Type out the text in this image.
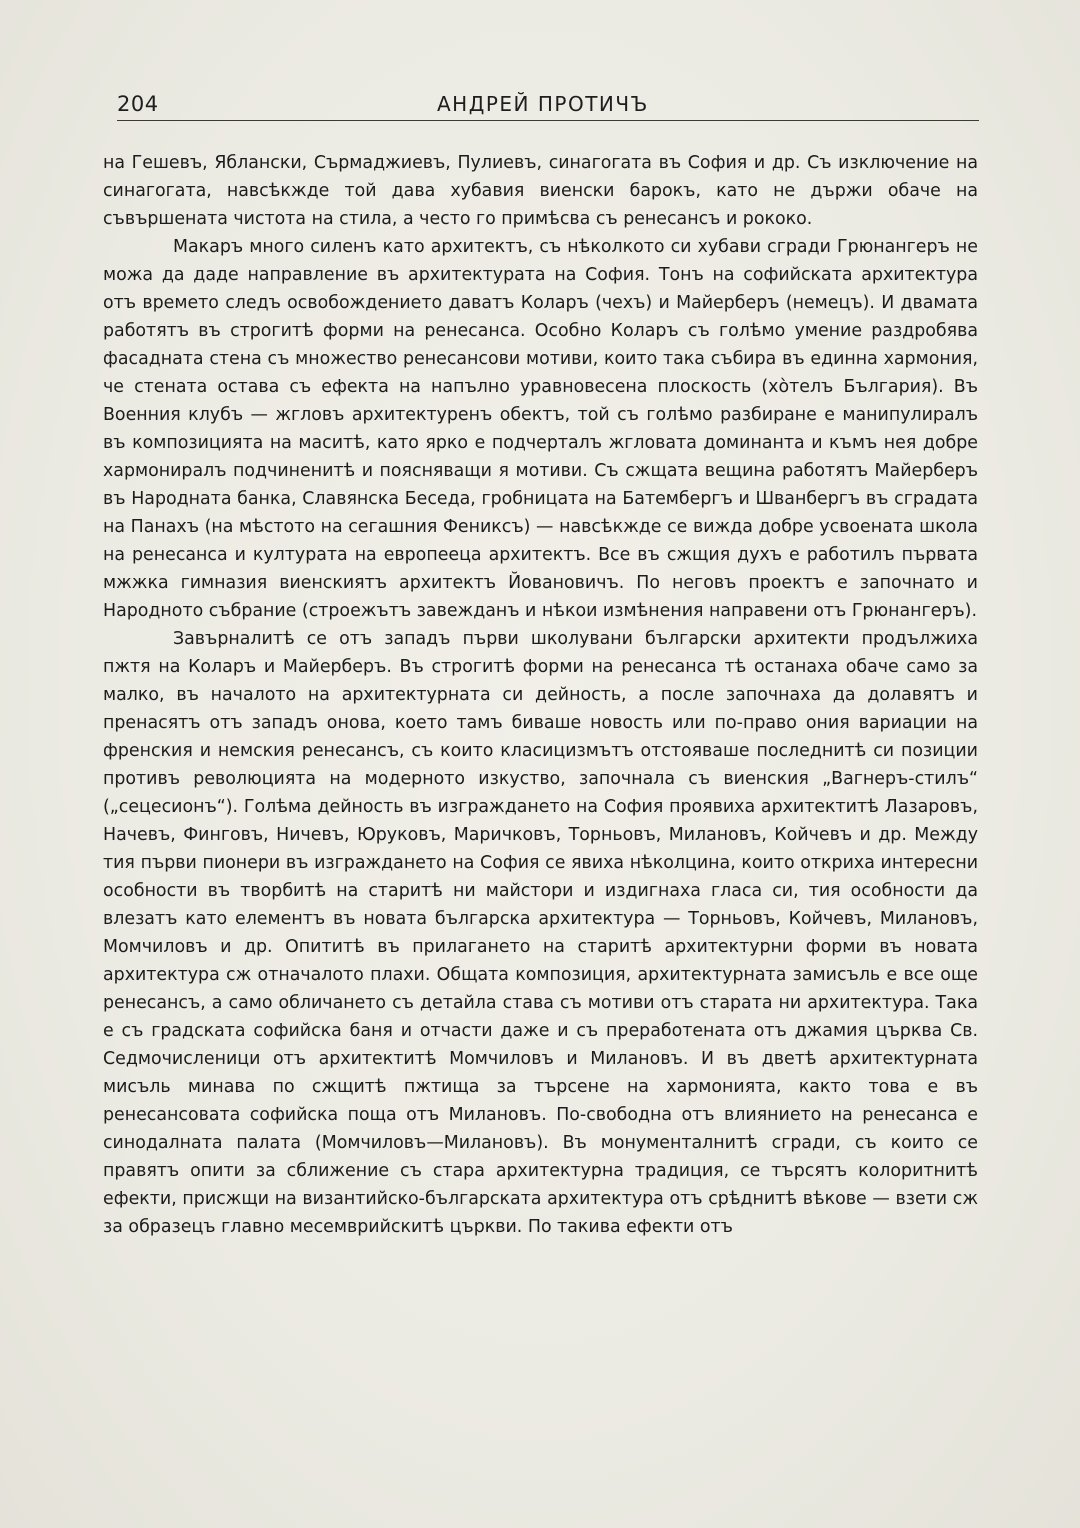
204	АНДРЕЙ ПРОТИЧЪ

на Гешевъ, Яблански, Сърмаджиевъ, Пулиевъ, синагогата въ София и др. Съ изключение на синагогата, навсѣкжде той дава хубавия виенски барокъ, като не държи обаче на съвършената чистота на стила, а често го примѣсва съ ренесансъ и рококо.

Макаръ много силенъ като архитектъ, съ нѣколкото си хубави сгради Грюнангеръ не можа да даде направление въ архитектурата на София. Тонъ на софийската архитектура отъ времето следъ освобождението даватъ Коларъ (чехъ) и Майерберъ (немецъ). И двамата работятъ въ строгитѣ форми на ренесанса. Особно Коларъ съ голѣмо умение раздробява фасадната стена съ множество ренесансови мотиви, които така събира въ единна хармония, че стената остава съ ефекта на напълно уравновесена плоскость (хо̀телъ България). Въ Военния клубъ — жгловъ архитектуренъ обектъ, той съ голѣмо разбиране е манипулиралъ въ композицията на маситѣ, като ярко е подчерталъ жгловата доминанта и къмъ нея добре хармониралъ подчиненитѣ и поясняващи я мотиви. Съ сжщата вещина работятъ Майерберъ въ Народната банка, Славянска Беседа, гробницата на Батембергъ и Шванбергъ въ сградата на Панахъ (на мѣстото на сегашния Фениксъ) — навсѣкжде се вижда добре усвоената школа на ренесанса и културата на европееца архитектъ. Все въ сжщия духъ е работилъ първата мжжка гимназия виенскиятъ архитектъ Йовановичъ. По неговъ проектъ е започнато и Народното събрание (строежътъ завежданъ и нѣкои измѣнения направени отъ Грюнангеръ).

Завърналитѣ се отъ западъ първи школувани български архитекти продължиха пжтя на Коларъ и Майерберъ. Въ строгитѣ форми на ренесанса тѣ останаха обаче само за малко, въ началото на архитектурната си дейность, а после започнаха да долавятъ и пренасятъ отъ западъ онова, което тамъ биваше новость или по-право ония вариации на френския и немския ренесансъ, съ които класицизмътъ отстояваше последнитѣ си позиции противъ революцията на модерното изкуство, започнала съ виенския „Вагнеръ-стилъ“ („сецесионъ“). Голѣма дейность въ изграждането на София проявиха архитектитѣ Лазаровъ, Начевъ, Финговъ, Ничевъ, Юруковъ, Маричковъ, Торньовъ, Милановъ, Койчевъ и др. Между тия първи пионери въ изграждането на София се явиха нѣколцина, които откриха интересни особности въ творбитѣ на старитѣ ни майстори и издигнаха гласа си, тия особности да влезатъ като елементъ въ новата българска архитектура — Торньовъ, Койчевъ, Милановъ, Момчиловъ и др. Опититѣ въ прилагането на старитѣ архитектурни форми въ новата архитектура сж отначалото плахи. Общата композиция, архитектурната замисъль е все още ренесансъ, а само обличането съ детайла става съ мотиви отъ старата ни архитектура. Така е съ градската софийска баня и отчасти даже и съ преработената отъ джамия църква Св. Седмочисленици отъ архитектитѣ Момчиловъ и Милановъ. И въ дветѣ архитектурната мисъль минава по сжщитѣ пжтища за търсене на хармонията, както това е въ ренесансовата софийска поща отъ Милановъ. По-свободна отъ влиянието на ренесанса е синодалната палата (Момчиловъ—Милановъ). Въ монументалнитѣ сгради, съ които се правятъ опити за сближение съ стара архитектурна традиция, се търсятъ колоритнитѣ ефекти, присжщи на византийско-българската архитектура отъ срѣднитѣ вѣкове — взети сж за образецъ главно месемврийскитѣ църкви. По такива ефекти отъ
